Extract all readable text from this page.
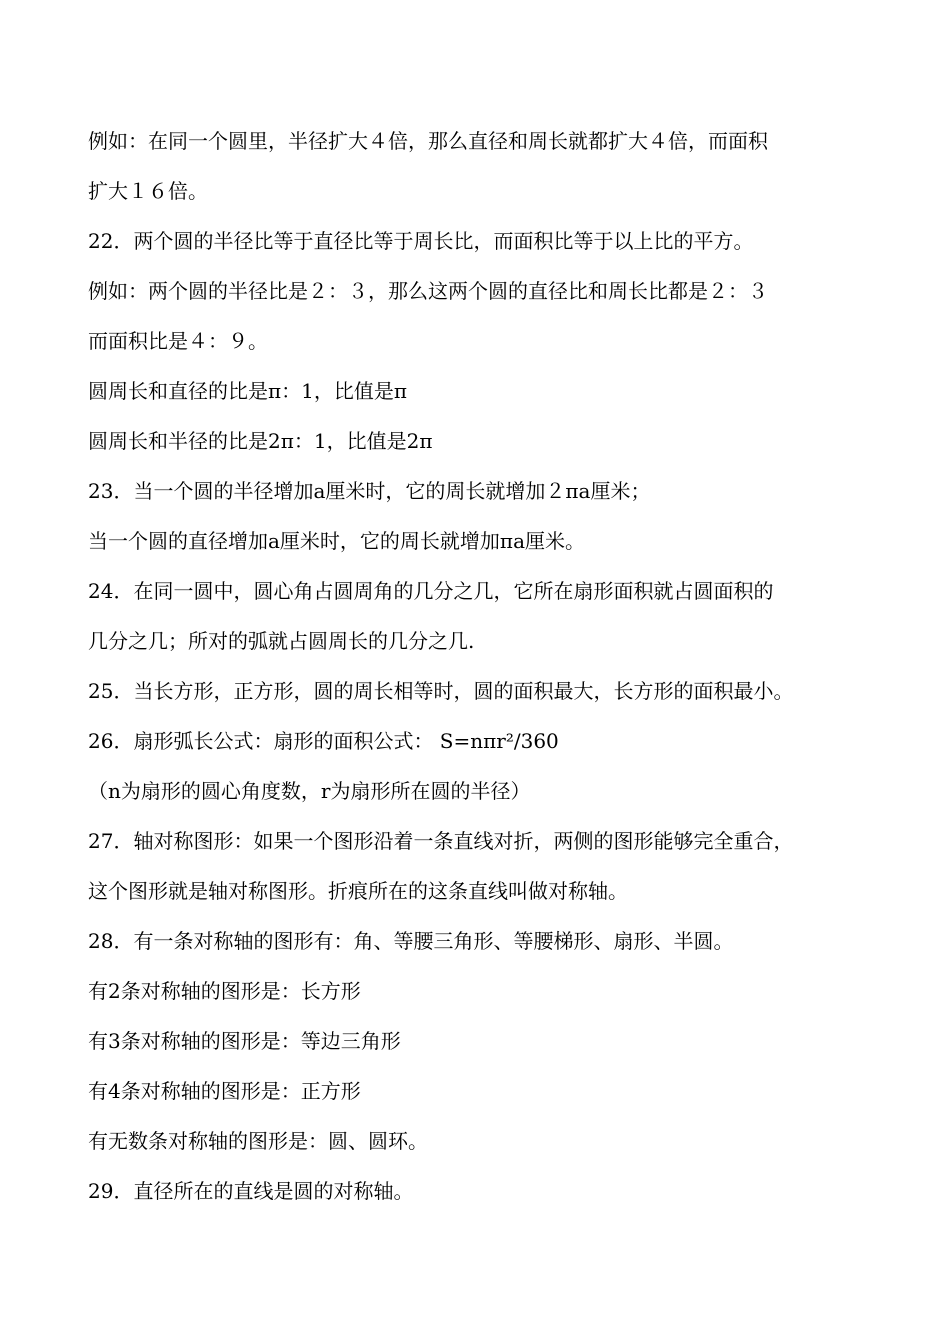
例如：在同一个圆里，半径扩大４倍，那么直径和周长就都扩大４倍，而面积
扩大１６倍。
22．两个圆的半径比等于直径比等于周长比，而面积比等于以上比的平方。
例如：两个圆的半径比是２：３，那么这两个圆的直径比和周长比都是２：３
而面积比是４：９。
圆周长和直径的比是π：1，比值是π
圆周长和半径的比是2π：1，比值是2π
23．当一个圆的半径增加a厘米时，它的周长就增加２πa厘米；
当一个圆的直径增加a厘米时，它的周长就增加πa厘米。
24．在同一圆中，圆心角占圆周角的几分之几，它所在扇形面积就占圆面积的
几分之几；所对的弧就占圆周长的几分之几.
25．当长方形，正方形，圆的周长相等时，圆的面积最大，长方形的面积最小。
26．扇形弧长公式：扇形的面积公式： S=nπr²/360
（n为扇形的圆心角度数，r为扇形所在圆的半径）
27．轴对称图形：如果一个图形沿着一条直线对折，两侧的图形能够完全重合，
这个图形就是轴对称图形。折痕所在的这条直线叫做对称轴。
28．有一条对称轴的图形有：角、等腰三角形、等腰梯形、扇形、半圆。
有2条对称轴的图形是：长方形
有3条对称轴的图形是：等边三角形
有4条对称轴的图形是：正方形
有无数条对称轴的图形是：圆、圆环。
29．直径所在的直线是圆的对称轴。
